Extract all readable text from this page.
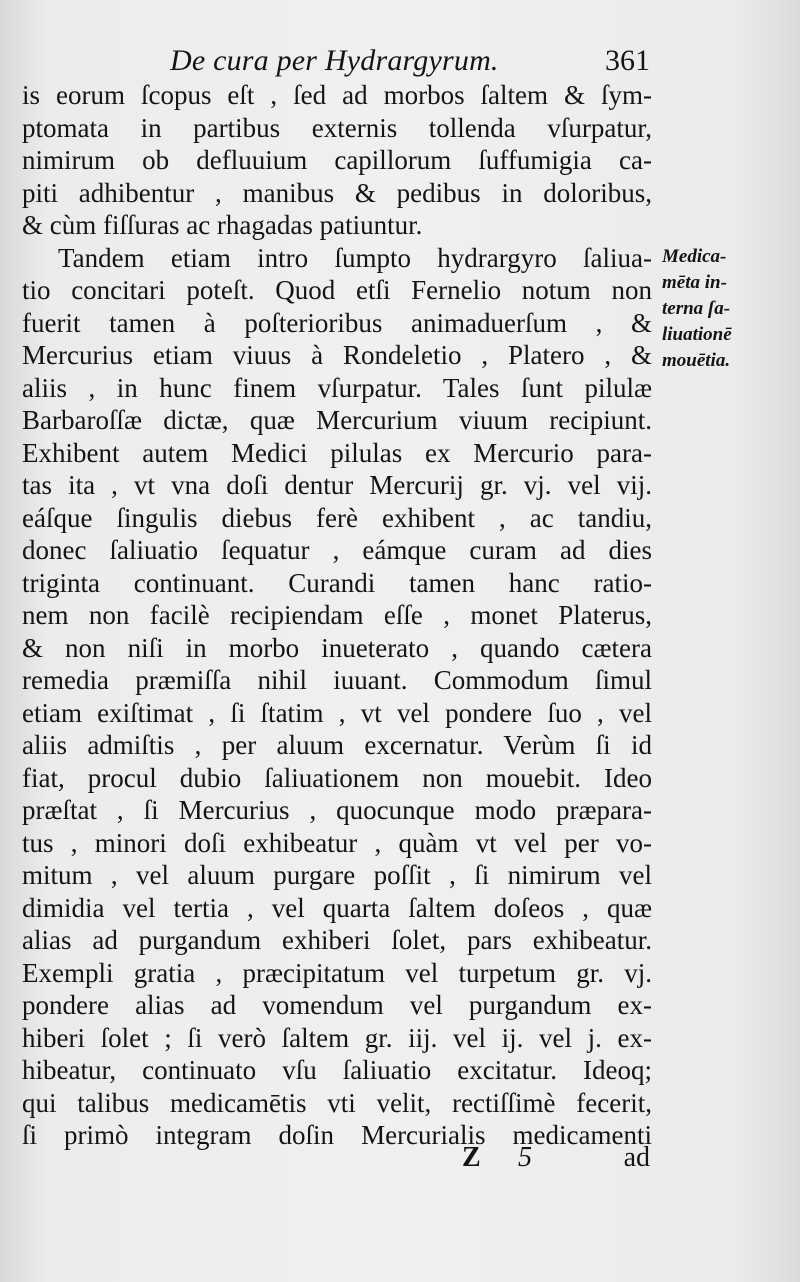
De cura per Hydrargyrum.	361
is eorum ſcopus eſt , ſed ad morbos ſaltem & ſym-
ptomata in partibus externis tollenda vſurpatur,
nimirum ob defluuium capillorum ſuffumigia ca-
piti adhibentur , manibus & pedibus in doloribus,
& cùm fiſſuras ac rhagadas patiuntur.
Tandem etiam intro ſumpto hydrargyro ſaliua-
tio concitari poteſt. Quod etſi Fernelio notum non
fuerit tamen à poſterioribus animaduerſum , &
Mercurius etiam viuus à Rondeletio , Platero , &
aliis , in hunc finem vſurpatur. Tales ſunt pilulæ
Barbaroſſæ dictæ, quæ Mercurium viuum recipiunt.
Exhibent autem Medici pilulas ex Mercurio para-
tas ita , vt vna doſi dentur Mercurij gr. vj. vel vij.
eáſque ſingulis diebus ferè exhibent , ac tandiu,
donec ſaliuatio ſequatur , eámque curam ad dies
triginta continuant. Curandi tamen hanc ratio-
nem non facilè recipiendam eſſe , monet Platerus,
& non niſi in morbo inueterato , quando cætera
remedia præmiſſa nihil iuuant. Commodum ſimul
etiam exiſtimat , ſi ſtatim , vt vel pondere ſuo , vel
aliis admiſtis , per aluum excernatur. Verùm ſi id
fiat, procul dubio ſaliuationem non mouebit. Ideo
præſtat , ſi Mercurius , quocunque modo præpara-
tus , minori doſi exhibeatur , quàm vt vel per vo-
mitum , vel aluum purgare poſſit , ſi nimirum vel
dimidia vel tertia , vel quarta ſaltem doſeos , quæ
alias ad purgandum exhiberi ſolet, pars exhibeatur.
Exempli gratia , præcipitatum vel turpetum gr. vj.
pondere alias ad vomendum vel purgandum ex-
hiberi ſolet ; ſi verò ſaltem gr. iij. vel ij. vel j. ex-
hibeatur, continuato vſu ſaliuatio excitatur. Ideoq;
qui talibus medicamētis vti velit, rectiſſimè fecerit,
ſi primò integram doſin Mercurialis medicamenti
Medica-
mēta in-
terna ſa-
liuationē
mouētia.
Z 5	ad
